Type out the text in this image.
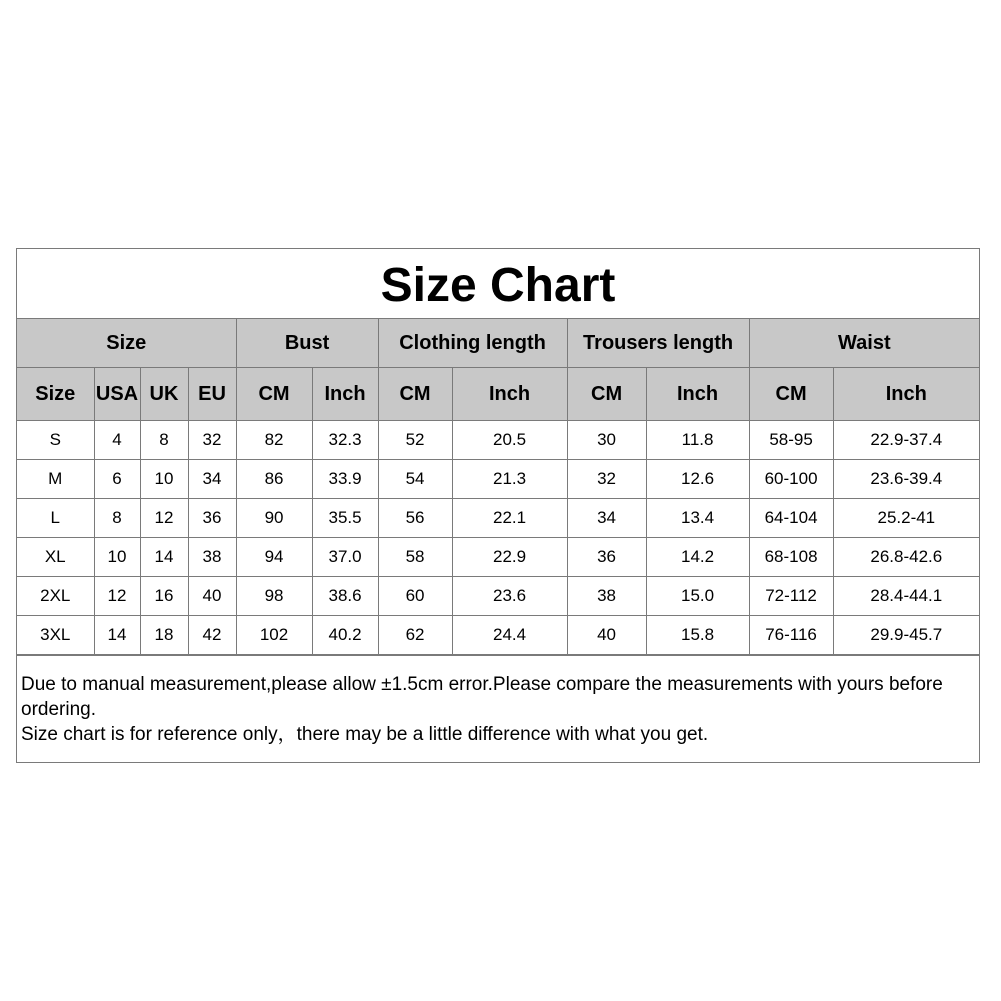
Size Chart
Size				Bust		Clothing length		Trousers length		Waist	
Size	USA	UK	EU	CM	Inch	CM	Inch	CM	Inch	CM	Inch
S	4	8	32	82	32.3	52	20.5	30	11.8	58-95	22.9-37.4
M	6	10	34	86	33.9	54	21.3	32	12.6	60-100	23.6-39.4
L	8	12	36	90	35.5	56	22.1	34	13.4	64-104	25.2-41
XL	10	14	38	94	37.0	58	22.9	36	14.2	68-108	26.8-42.6
2XL	12	16	40	98	38.6	60	23.6	38	15.0	72-112	28.4-44.1
3XL	14	18	42	102	40.2	62	24.4	40	15.8	76-116	29.9-45.7
Due to manual measurement,please allow ±1.5cm error.Please compare the measurements with yours before ordering.
Size chart is for reference only，there may be a little difference with what you get.
